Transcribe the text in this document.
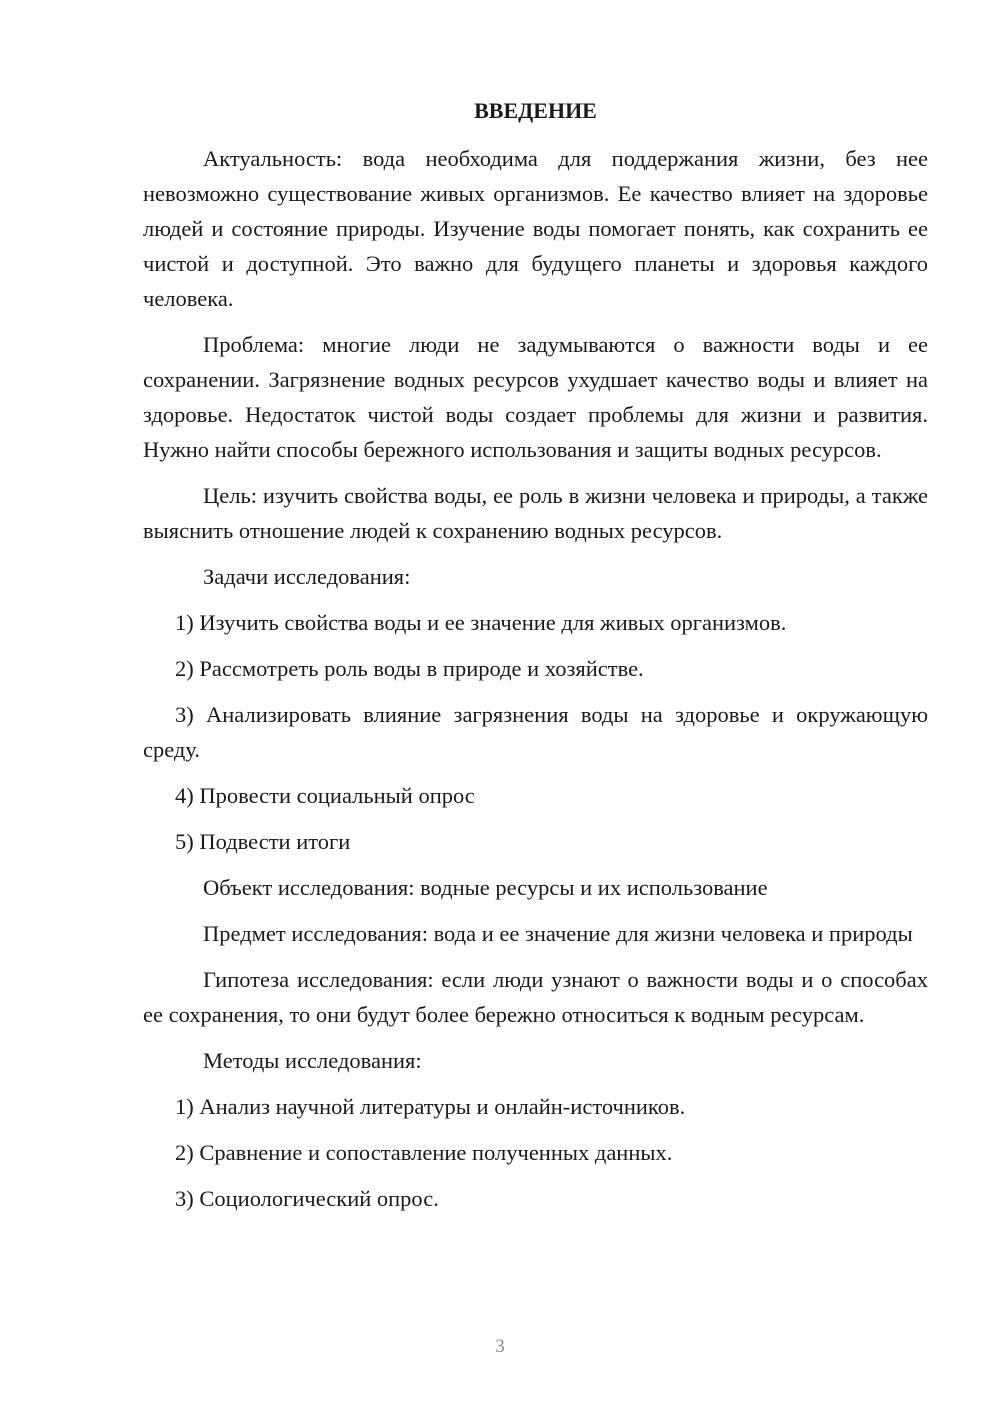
ВВЕДЕНИЕ

Актуальность: вода необходима для поддержания жизни, без нее невозможно существование живых организмов. Ее качество влияет на здоровье людей и состояние природы. Изучение воды помогает понять, как сохранить ее чистой и доступной. Это важно для будущего планеты и здоровья каждого человека.

Проблема: многие люди не задумываются о важности воды и ее сохранении. Загрязнение водных ресурсов ухудшает качество воды и влияет на здоровье. Недостаток чистой воды создает проблемы для жизни и развития. Нужно найти способы бережного использования и защиты водных ресурсов.

Цель: изучить свойства воды, ее роль в жизни человека и природы, а также выяснить отношение людей к сохранению водных ресурсов.

Задачи исследования:

1) Изучить свойства воды и ее значение для живых организмов.

2) Рассмотреть роль воды в природе и хозяйстве.

3) Анализировать влияние загрязнения воды на здоровье и окружающую среду.

4) Провести социальный опрос

5) Подвести итоги

Объект исследования: водные ресурсы и их использование

Предмет исследования: вода и ее значение для жизни человека и природы

Гипотеза исследования: если люди узнают о важности воды и о способах ее сохранения, то они будут более бережно относиться к водным ресурсам.

Методы исследования:

1) Анализ научной литературы и онлайн-источников.

2) Сравнение и сопоставление полученных данных.

3) Социологический опрос.

3
